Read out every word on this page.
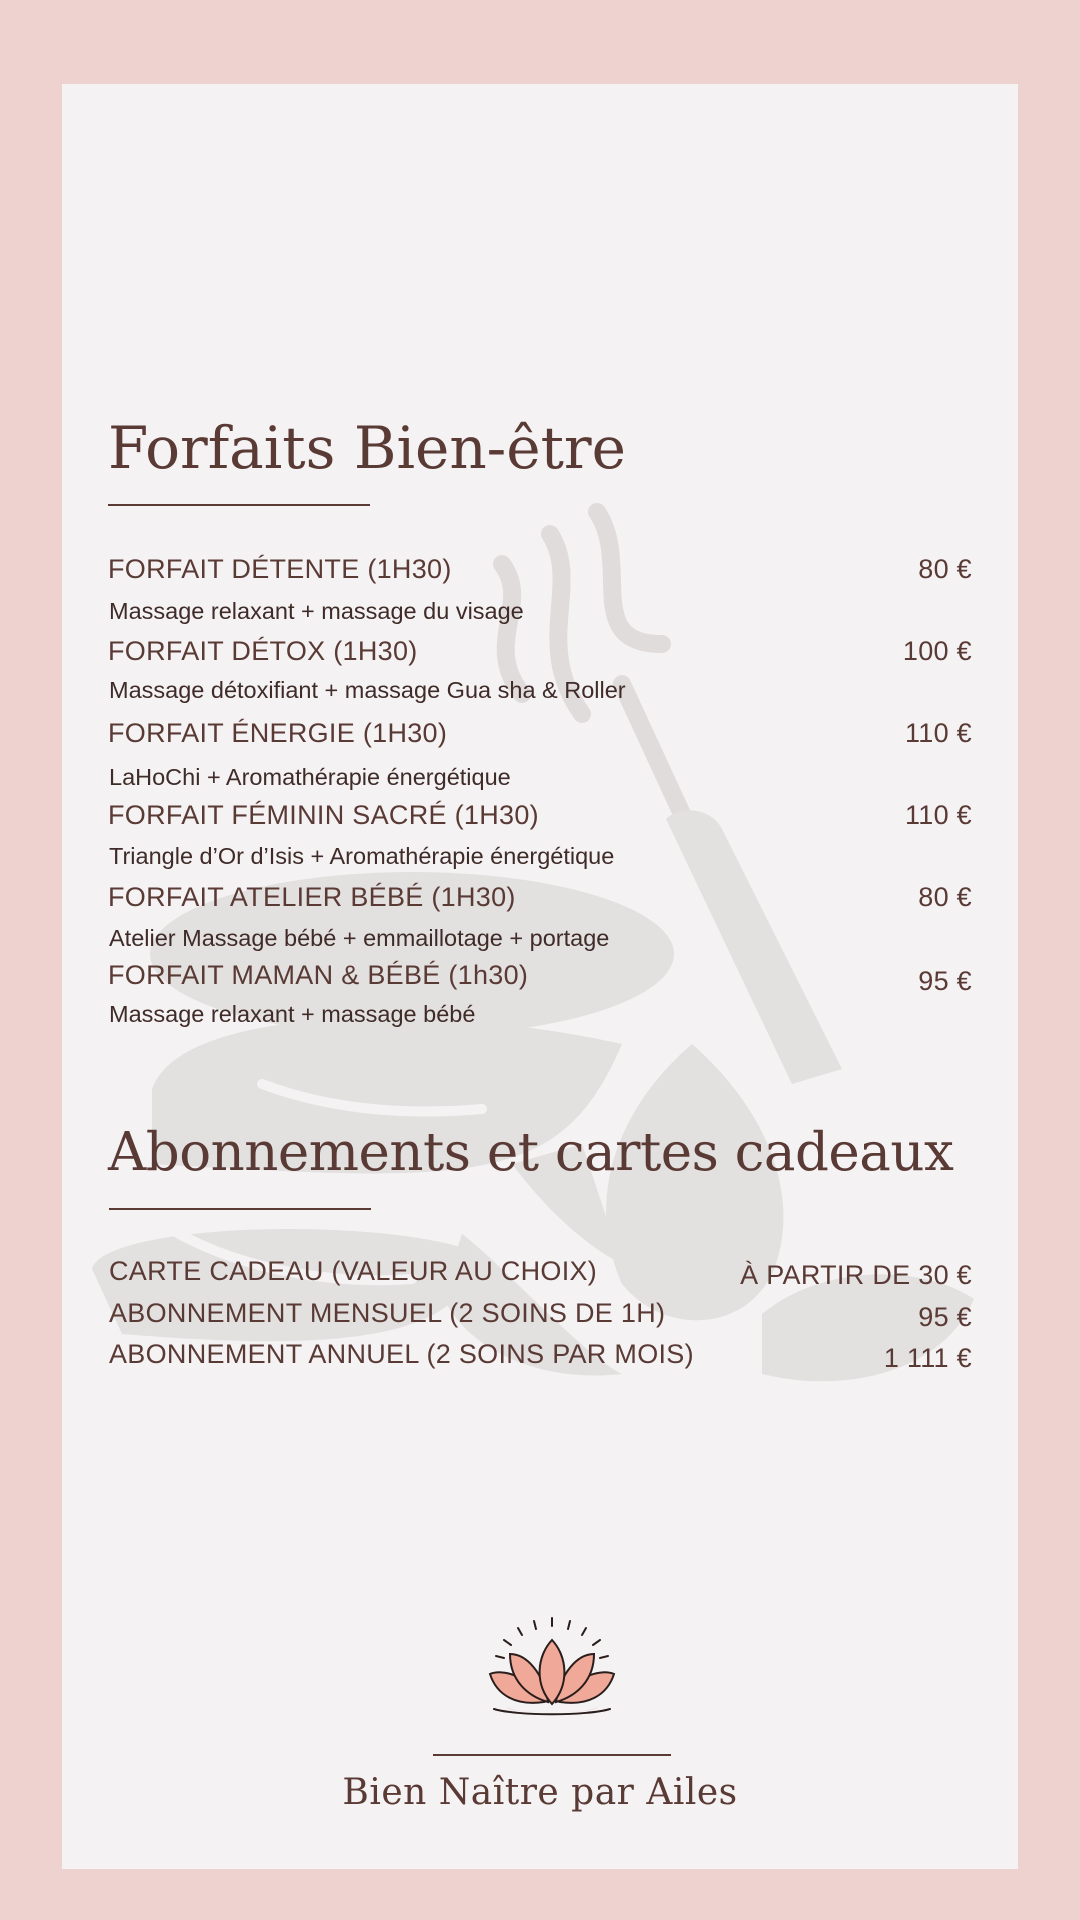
Forfaits Bien-être
FORFAIT DÉTENTE (1H30)	80 €
Massage relaxant + massage du visage
FORFAIT DÉTOX (1H30)	100 €
Massage détoxifiant + massage Gua sha & Roller
FORFAIT ÉNERGIE (1H30)	110 €
LaHoChi + Aromathérapie énergétique
FORFAIT FÉMININ SACRÉ (1H30)	110 €
Triangle d’Or d’Isis + Aromathérapie énergétique
FORFAIT ATELIER BÉBÉ (1H30)	80 €
Atelier Massage bébé + emmaillotage + portage
FORFAIT MAMAN & BÉBÉ (1h30)	95 €
Massage relaxant + massage bébé
Abonnements et cartes cadeaux
CARTE CADEAU (VALEUR AU CHOIX)	À PARTIR DE 30 €
ABONNEMENT MENSUEL (2 SOINS DE 1H)	95 €
ABONNEMENT ANNUEL (2 SOINS PAR MOIS)	1 111 €
Bien Naître par Ailes
